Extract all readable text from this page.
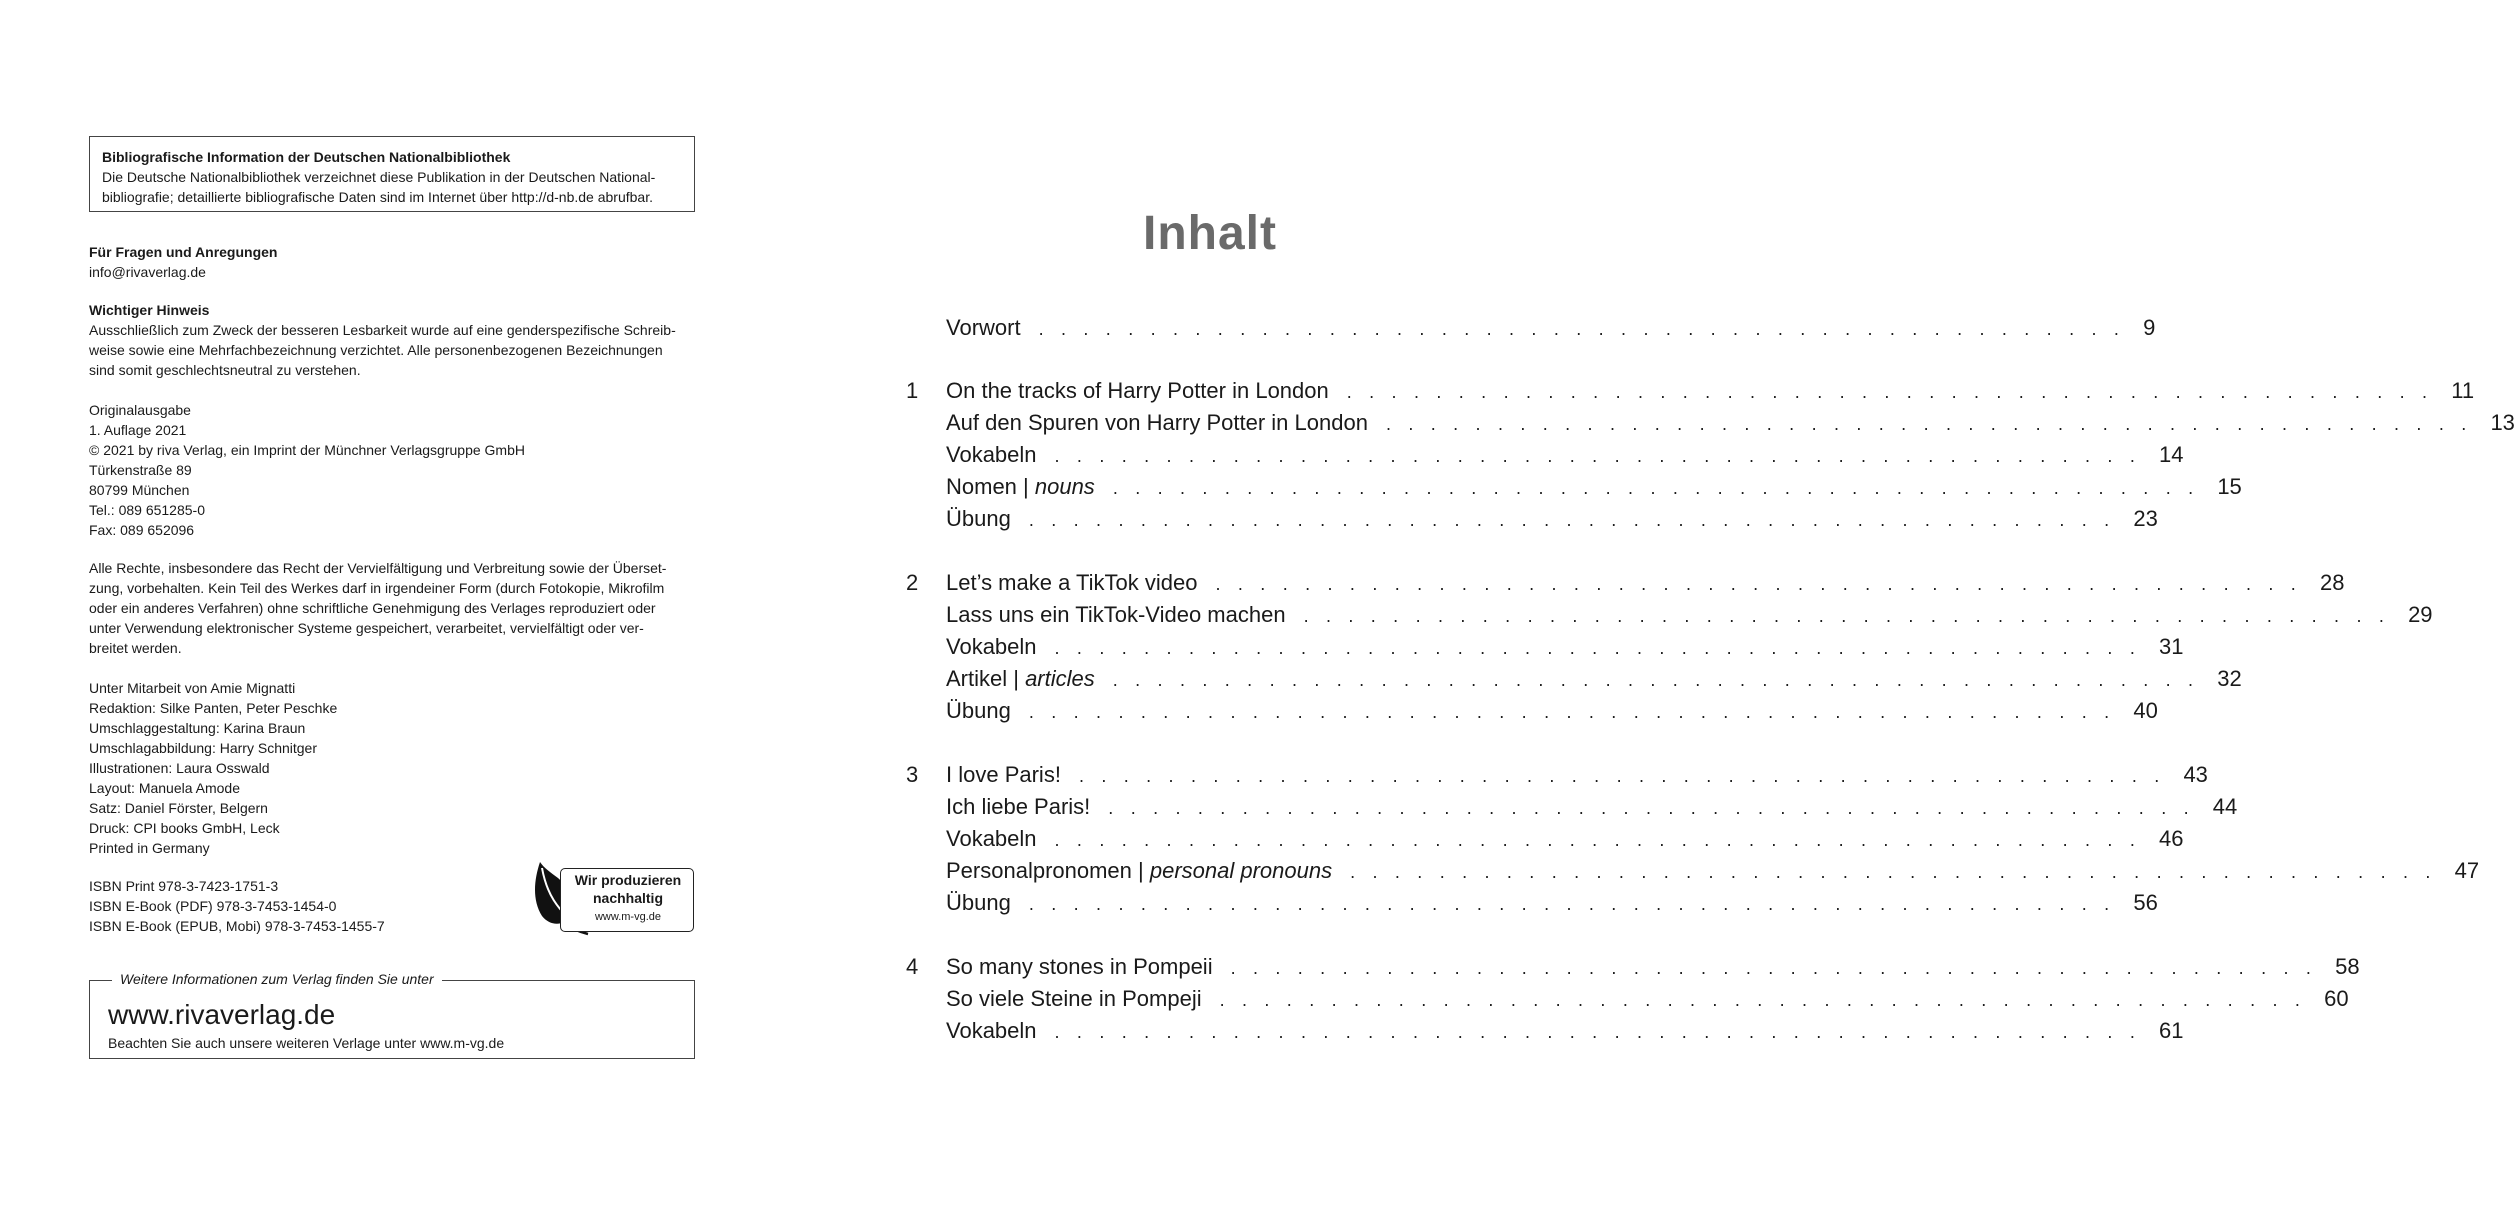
Bibliografische Information der Deutschen Nationalbibliothek
Die Deutsche Nationalbibliothek verzeichnet diese Publikation in der Deutschen National-
bibliografie; detaillierte bibliografische Daten sind im Internet über http://d-nb.de abrufbar.
Für Fragen und Anregungen
info@rivaverlag.de
Wichtiger Hinweis
Ausschließlich zum Zweck der besseren Lesbarkeit wurde auf eine genderspezifische Schreib-
weise sowie eine Mehrfachbezeichnung verzichtet. Alle personenbezogenen Bezeichnungen
sind somit geschlechtsneutral zu verstehen.
Originalausgabe
1. Auflage 2021
© 2021 by riva Verlag, ein Imprint der Münchner Verlagsgruppe GmbH
Türkenstraße 89
80799 München
Tel.: 089 651285-0
Fax: 089 652096
Alle Rechte, insbesondere das Recht der Vervielfältigung und Verbreitung sowie der Überset-
zung, vorbehalten. Kein Teil des Werkes darf in irgendeiner Form (durch Fotokopie, Mikrofilm
oder ein anderes Verfahren) ohne schriftliche Genehmigung des Verlages reproduziert oder
unter Verwendung elektronischer Systeme gespeichert, verarbeitet, vervielfältigt oder ver-
breitet werden.
Unter Mitarbeit von Amie Mignatti
Redaktion: Silke Panten, Peter Peschke
Umschlaggestaltung: Karina Braun
Umschlagabbildung: Harry Schnitger
Illustrationen: Laura Osswald
Layout: Manuela Amode
Satz: Daniel Förster, Belgern
Druck: CPI books GmbH, Leck
Printed in Germany
ISBN Print 978-3-7423-1751-3
ISBN E-Book (PDF) 978-3-7453-1454-0
ISBN E-Book (EPUB, Mobi) 978-3-7453-1455-7
Wir produzieren
nachhaltig
www.m-vg.de
Weitere Informationen zum Verlag finden Sie unter
www.rivaverlag.de
Beachten Sie auch unsere weiteren Verlage unter www.m-vg.de
Inhalt
Vorwort . . . . . . . . . . . . . . . . . . . . . . . . . . . . . . . . . . . . . . . . . . . . . . . . . 9
1 On the tracks of Harry Potter in London . . . . . . . . . . . . . . . . . . . . . . . . . . . . . . . . . . . . . . . . . . . . . . . . . 11
Auf den Spuren von Harry Potter in London . . . . . . . . . . . . . . . . . . . . . . . . . . . . . . . . . . . . . . . . . . . . . . . . . 13
Vokabeln . . . . . . . . . . . . . . . . . . . . . . . . . . . . . . . . . . . . . . . . . . . . . . . . . 14
Nomen | nouns . . . . . . . . . . . . . . . . . . . . . . . . . . . . . . . . . . . . . . . . . . . . . . . . . 15
Übung . . . . . . . . . . . . . . . . . . . . . . . . . . . . . . . . . . . . . . . . . . . . . . . . . 23
2 Let’s make a TikTok video . . . . . . . . . . . . . . . . . . . . . . . . . . . . . . . . . . . . . . . . . . . . . . . . . 28
Lass uns ein TikTok-Video machen . . . . . . . . . . . . . . . . . . . . . . . . . . . . . . . . . . . . . . . . . . . . . . . . . 29
Vokabeln . . . . . . . . . . . . . . . . . . . . . . . . . . . . . . . . . . . . . . . . . . . . . . . . . 31
Artikel | articles . . . . . . . . . . . . . . . . . . . . . . . . . . . . . . . . . . . . . . . . . . . . . . . . . 32
Übung . . . . . . . . . . . . . . . . . . . . . . . . . . . . . . . . . . . . . . . . . . . . . . . . . 40
3 I love Paris! . . . . . . . . . . . . . . . . . . . . . . . . . . . . . . . . . . . . . . . . . . . . . . . . . 43
Ich liebe Paris! . . . . . . . . . . . . . . . . . . . . . . . . . . . . . . . . . . . . . . . . . . . . . . . . . 44
Vokabeln . . . . . . . . . . . . . . . . . . . . . . . . . . . . . . . . . . . . . . . . . . . . . . . . . 46
Personalpronomen | personal pronouns . . . . . . . . . . . . . . . . . . . . . . . . . . . . . . . . . . . . . . . . . . . . . . . . . 47
Übung . . . . . . . . . . . . . . . . . . . . . . . . . . . . . . . . . . . . . . . . . . . . . . . . . 56
4 So many stones in Pompeii . . . . . . . . . . . . . . . . . . . . . . . . . . . . . . . . . . . . . . . . . . . . . . . . . 58
So viele Steine in Pompeji . . . . . . . . . . . . . . . . . . . . . . . . . . . . . . . . . . . . . . . . . . . . . . . . . 60
Vokabeln . . . . . . . . . . . . . . . . . . . . . . . . . . . . . . . . . . . . . . . . . . . . . . . . . 61
